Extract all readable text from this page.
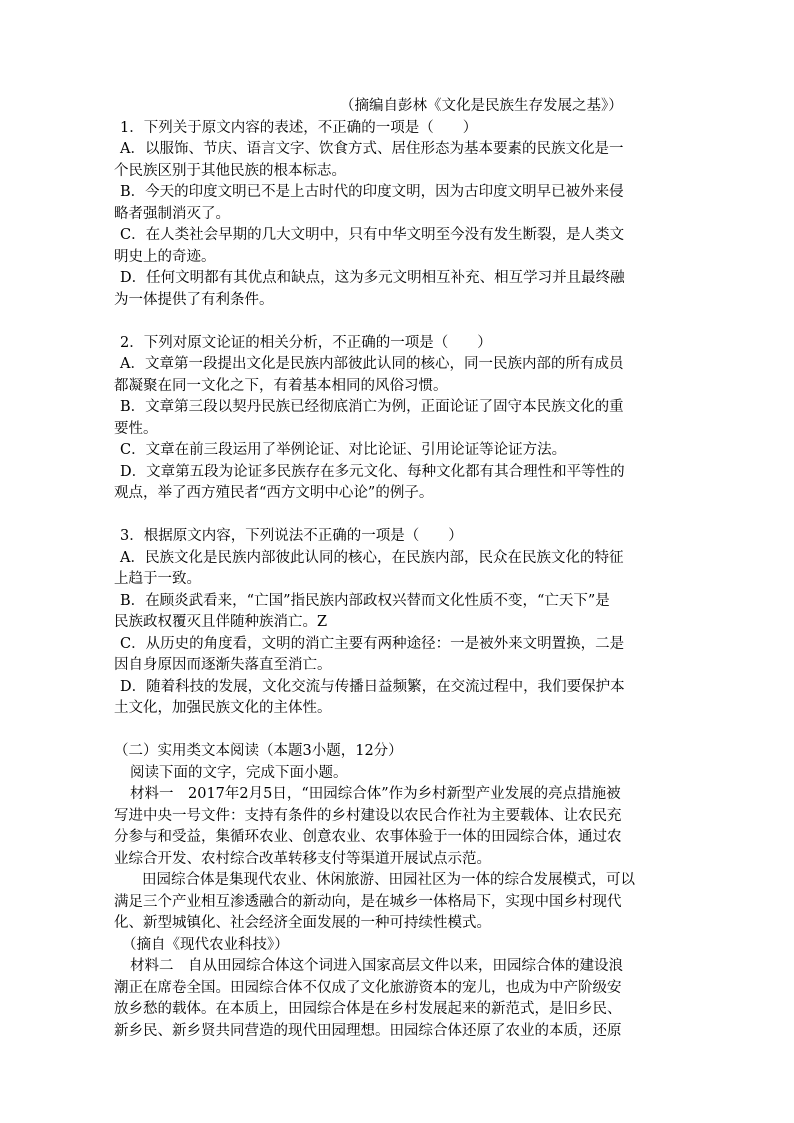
（摘编自彭林《文化是民族生存发展之基》）
1．下列关于原文内容的表述，不正确的一项是（　　）
A．以服饰、节庆、语言文字、饮食方式、居住形态为基本要素的民族文化是一
个民族区别于其他民族的根本标志。
B．今天的印度文明已不是上古时代的印度文明，因为古印度文明早已被外来侵
略者强制消灭了。
C．在人类社会早期的几大文明中，只有中华文明至今没有发生断裂，是人类文
明史上的奇迹。
D．任何文明都有其优点和缺点，这为多元文明相互补充、相互学习并且最终融
为一体提供了有利条件。
2．下列对原文论证的相关分析，不正确的一项是（　　）
A．文章第一段提出文化是民族内部彼此认同的核心，同一民族内部的所有成员
都凝聚在同一文化之下，有着基本相同的风俗习惯。
B．文章第三段以契丹民族已经彻底消亡为例，正面论证了固守本民族文化的重
要性。
C．文章在前三段运用了举例论证、对比论证、引用论证等论证方法。
D．文章第五段为论证多民族存在多元文化、每种文化都有其合理性和平等性的
观点，举了西方殖民者“西方文明中心论”的例子。
3．根据原文内容，下列说法不正确的一项是（　　）
A．民族文化是民族内部彼此认同的核心，在民族内部，民众在民族文化的特征
上趋于一致。
B．在顾炎武看来，“亡国”指民族内部政权兴替而文化性质不变，“亡天下”是
民族政权覆灭且伴随种族消亡。Z
C．从历史的角度看，文明的消亡主要有两种途径：一是被外来文明置换，二是
因自身原因而逐渐失落直至消亡。
D．随着科技的发展，文化交流与传播日益频繁，在交流过程中，我们要保护本
土文化，加强民族文化的主体性。
（二）实用类文本阅读（本题3小题，12分）
阅读下面的文字，完成下面小题。
材料一　2017年2月5日，“田园综合体”作为乡村新型产业发展的亮点措施被
写进中央一号文件：支持有条件的乡村建设以农民合作社为主要载体、让农民充
分参与和受益，集循环农业、创意农业、农事体验于一体的田园综合体，通过农
业综合开发、农村综合改革转移支付等渠道开展试点示范。
田园综合体是集现代农业、休闲旅游、田园社区为一体的综合发展模式，可以
满足三个产业相互渗透融合的新动向，是在城乡一体格局下，实现中国乡村现代
化、新型城镇化、社会经济全面发展的一种可持续性模式。
（摘自《现代农业科技》）
材料二　自从田园综合体这个词进入国家高层文件以来，田园综合体的建设浪
潮正在席卷全国。田园综合体不仅成了文化旅游资本的宠儿，也成为中产阶级安
放乡愁的载体。在本质上，田园综合体是在乡村发展起来的新范式，是旧乡民、
新乡民、新乡贤共同营造的现代田园理想。田园综合体还原了农业的本质，还原
